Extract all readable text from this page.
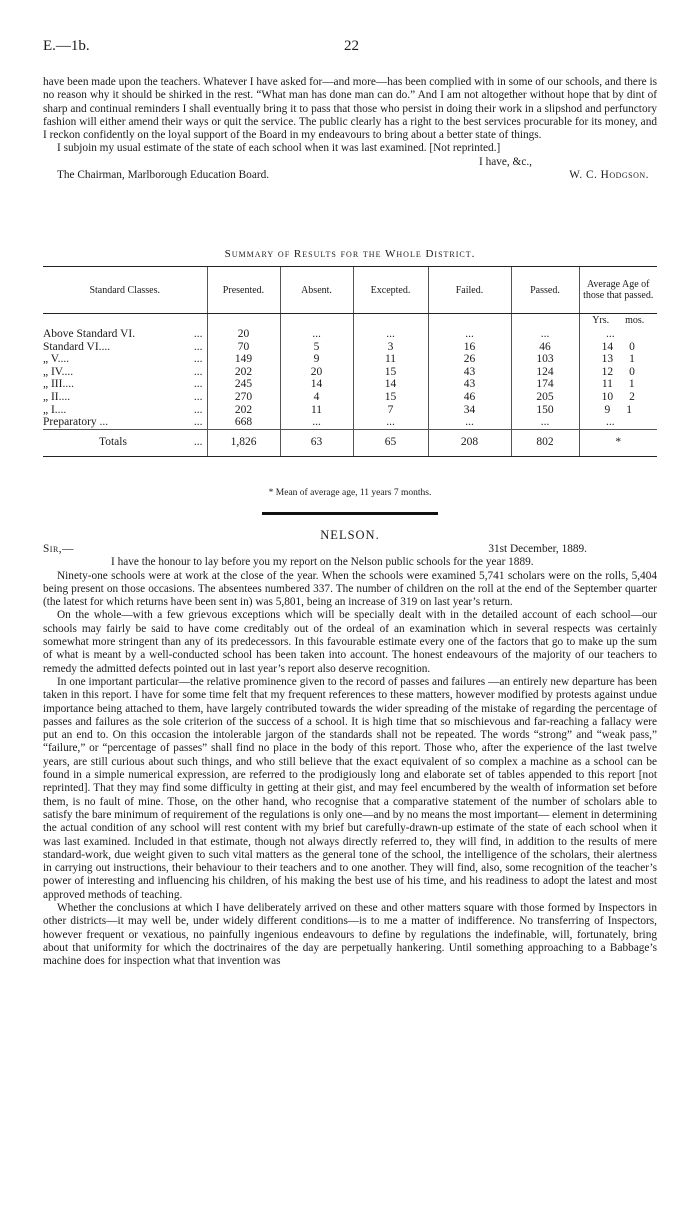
E.—1b.	22

have been made upon the teachers. Whatever I have asked for—and more—has been complied with in some of our schools, and there is no reason why it should be shirked in the rest. “What man has done man can do.” And I am not altogether without hope that by dint of sharp and continual reminders I shall eventually bring it to pass that those who persist in doing their work in a slipshod and perfunctory fashion will either amend their ways or quit the service. The public clearly has a right to the best services procurable for its money, and I reckon confidently on the loyal support of the Board in my endeavours to bring about a better state of things.

I subjoin my usual estimate of the state of each school when it was last examined. [Not reprinted.]

I have, &c.,
The Chairman, Marlborough Education Board.	W. C. Hodgson.
Summary of Results for the Whole District.
Standard Classes.	Presented.	Absent.	Excepted.	Failed.	Passed.	Average Age of those that passed.

						Yrs. mos.

Above Standard VI. ...	20	...	...	...	...	...

Standard VI.... ...	70	5	3	16	46	14 0

„ V.... ...	149	9	11	26	103	13 1

„ IV.... ...	202	20	15	43	124	12 0

„ III.... ...	245	14	14	43	174	11 1

„ II.... ...	270	4	15	46	205	10 2

„ I.... ...	202	11	7	34	150	9 1

Preparatory ... ...	668	...	...	...	...	...

Totals ...	1,826	63	65	208	802	*
* Mean of average age, 11 years 7 months.
NELSON.
Sir,—	31st December, 1889.

I have the honour to lay before you my report on the Nelson public schools for the year 1889.

Ninety-one schools were at work at the close of the year. When the schools were examined 5,741 scholars were on the rolls, 5,404 being present on those occasions. The absentees numbered 337. The number of children on the roll at the end of the September quarter (the latest for which returns have been sent in) was 5,801, being an increase of 319 on last year’s return.

On the whole—with a few grievous exceptions which will be specially dealt with in the detailed account of each school—our schools may fairly be said to have come creditably out of the ordeal of an examination which in several respects was certainly somewhat more stringent than any of its predecessors. In this favourable estimate every one of the factors that go to make up the sum of what is meant by a well-conducted school has been taken into account. The honest endeavours of the majority of our teachers to remedy the admitted defects pointed out in last year’s report also deserve recognition.

In one important particular—the relative prominence given to the record of passes and failures —an entirely new departure has been taken in this report. I have for some time felt that my frequent references to these matters, however modified by protests against undue importance being attached to them, have largely contributed towards the wider spreading of the mistake of regarding the percentage of passes and failures as the sole criterion of the success of a school. It is high time that so mischievous and far-reaching a fallacy were put an end to. On this occasion the intolerable jargon of the standards shall not be repeated. The words “strong” and “weak pass,” “failure,” or “percentage of passes” shall find no place in the body of this report. Those who, after the experience of the last twelve years, are still curious about such things, and who still believe that the exact equivalent of so complex a machine as a school can be found in a simple numerical expression, are referred to the prodigiously long and elaborate set of tables appended to this report [not reprinted]. That they may find some difficulty in getting at their gist, and may feel encumbered by the wealth of information set before them, is no fault of mine. Those, on the other hand, who recognise that a comparative statement of the number of scholars able to satisfy the bare minimum of requirement of the regulations is only one—and by no means the most important— element in determining the actual condition of any school will rest content with my brief but carefully-drawn-up estimate of the state of each school when it was last examined. Included in that estimate, though not always directly referred to, they will find, in addition to the results of mere standard-work, due weight given to such vital matters as the general tone of the school, the intelligence of the scholars, their alertness in carrying out instructions, their behaviour to their teachers and to one another. They will find, also, some recognition of the teacher’s power of interesting and influencing his children, of his making the best use of his time, and his readiness to adopt the latest and most approved methods of teaching.

Whether the conclusions at which I have deliberately arrived on these and other matters square with those formed by Inspectors in other districts—it may well be, under widely different conditions—is to me a matter of indifference. No transferring of Inspectors, however frequent or vexatious, no painfully ingenious endeavours to define by regulations the indefinable, will, fortunately, bring about that uniformity for which the doctrinaires of the day are perpetually hankering. Until something approaching to a Babbage’s machine does for inspection what that invention was
